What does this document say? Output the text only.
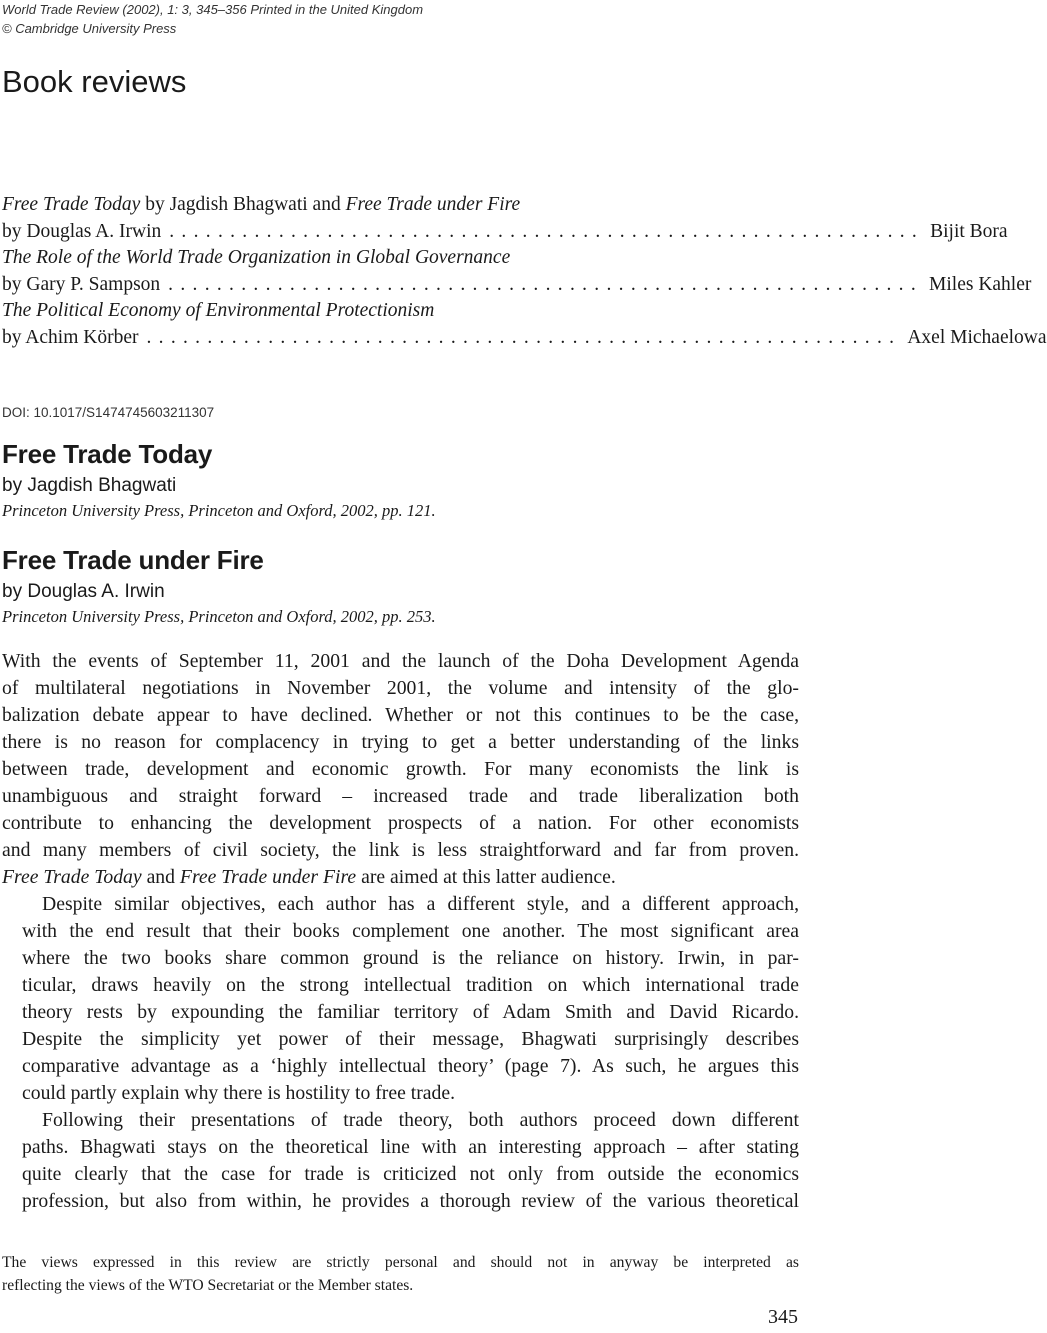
World Trade Review (2002), 1: 3, 345–356 Printed in the United Kingdom
© Cambridge University Press
Book reviews
Free Trade Today by Jagdish Bhagwati and Free Trade under Fire
by Douglas A. Irwin .............................................................. Bijit Bora
The Role of the World Trade Organization in Global Governance
by Gary P. Sampson .............................................................. Miles Kahler
The Political Economy of Environmental Protectionism
by Achim Körber .............................................................. Axel Michaelowa
DOI: 10.1017/S1474745603211307
Free Trade Today
by Jagdish Bhagwati
Princeton University Press, Princeton and Oxford, 2002, pp. 121.
Free Trade under Fire
by Douglas A. Irwin
Princeton University Press, Princeton and Oxford, 2002, pp. 253.

With the events of September 11, 2001 and the launch of the Doha Development Agenda
of multilateral negotiations in November 2001, the volume and intensity of the glo-
balization debate appear to have declined. Whether or not this continues to be the case,
there is no reason for complacency in trying to get a better understanding of the links
between trade, development and economic growth. For many economists the link is
unambiguous and straight forward – increased trade and trade liberalization both
contribute to enhancing the development prospects of a nation. For other economists
and many members of civil society, the link is less straightforward and far from proven.
Free Trade Today and Free Trade under Fire are aimed at this latter audience.

Despite similar objectives, each author has a different style, and a different approach,
with the end result that their books complement one another. The most significant area
where the two books share common ground is the reliance on history. Irwin, in par-
ticular, draws heavily on the strong intellectual tradition on which international trade
theory rests by expounding the familiar territory of Adam Smith and David Ricardo.
Despite the simplicity yet power of their message, Bhagwati surprisingly describes
comparative advantage as a ‘highly intellectual theory’ (page 7). As such, he argues this
could partly explain why there is hostility to free trade.

Following their presentations of trade theory, both authors proceed down different
paths. Bhagwati stays on the theoretical line with an interesting approach – after stating
quite clearly that the case for trade is criticized not only from outside the economics
profession, but also from within, he provides a thorough review of the various theoretical

The views expressed in this review are strictly personal and should not in anyway be interpreted as
reflecting the views of the WTO Secretariat or the Member states.
345
